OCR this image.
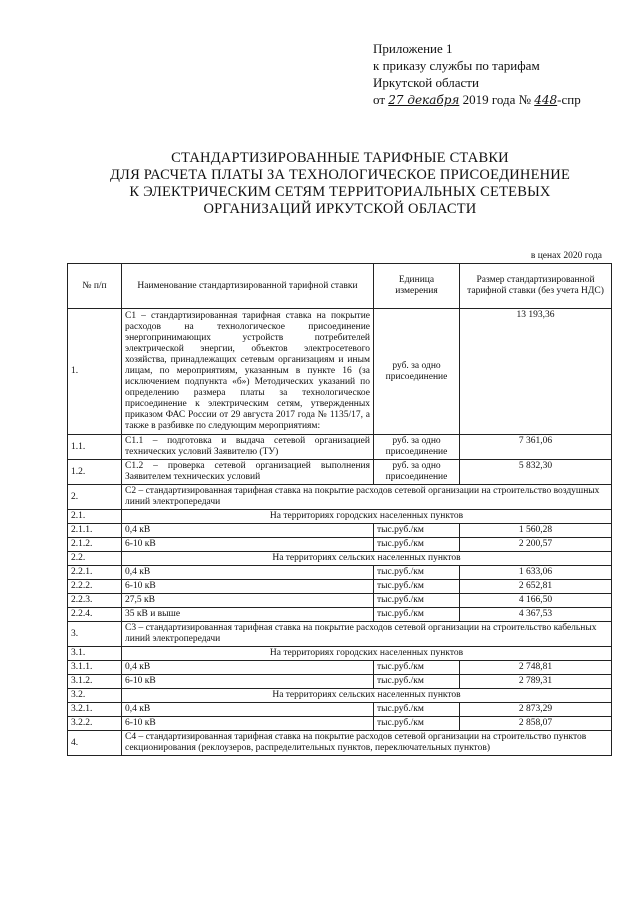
Приложение 1
к приказу службы по тарифам
Иркутской области
от 27 декабря 2019 года № 448-спр
СТАНДАРТИЗИРОВАННЫЕ ТАРИФНЫЕ СТАВКИ
ДЛЯ РАСЧЕТА ПЛАТЫ ЗА ТЕХНОЛОГИЧЕСКОЕ ПРИСОЕДИНЕНИЕ
К ЭЛЕКТРИЧЕСКИМ СЕТЯМ ТЕРРИТОРИАЛЬНЫХ СЕТЕВЫХ
ОРГАНИЗАЦИЙ ИРКУТСКОЙ ОБЛАСТИ
в ценах 2020 года
№ п/п	Наименование стандартизированной тарифной ставки	Единица измерения	Размер стандартизированной тарифной ставки (без учета НДС)
1.	С1 – стандартизированная тарифная ставка на покрытие расходов на технологическое присоединение энергопринимающих устройств потребителей электрической энергии, объектов электросетевого хозяйства, принадлежащих сетевым организациям и иным лицам, по мероприятиям, указанным в пункте 16 (за исключением подпункта «б») Методических указаний по определению размера платы за технологическое присоединение к электрическим сетям, утвержденных приказом ФАС России от 29 августа 2017 года № 1135/17, а также в разбивке по следующим мероприятиям:	руб. за одно присоединение	13 193,36
1.1.	С1.1 – подготовка и выдача сетевой организацией технических условий Заявителю (ТУ)	руб. за одно присоединение	7 361,06
1.2.	С1.2 – проверка сетевой организацией выполнения Заявителем технических условий	руб. за одно присоединение	5 832,30
2.	С2 – стандартизированная тарифная ставка на покрытие расходов сетевой организации на строительство воздушных линий электропередачи		
2.1.	На территориях городских населенных пунктов		
2.1.1.	0,4 кВ	тыс.руб./км	1 560,28
2.1.2.	6-10 кВ	тыс.руб./км	2 200,57
2.2.	На территориях сельских населенных пунктов		
2.2.1.	0,4 кВ	тыс.руб./км	1 633,06
2.2.2.	6-10 кВ	тыс.руб./км	2 652,81
2.2.3.	27,5 кВ	тыс.руб./км	4 166,50
2.2.4.	35 кВ и выше	тыс.руб./км	4 367,53
3.	С3 – стандартизированная тарифная ставка на покрытие расходов сетевой организации на строительство кабельных линий электропередачи		
3.1.	На территориях городских населенных пунктов		
3.1.1.	0,4 кВ	тыс.руб./км	2 748,81
3.1.2.	6-10 кВ	тыс.руб./км	2 789,31
3.2.	На территориях сельских населенных пунктов		
3.2.1.	0,4 кВ	тыс.руб./км	2 873,29
3.2.2.	6-10 кВ	тыс.руб./км	2 858,07
4.	С4 – стандартизированная тарифная ставка на покрытие расходов сетевой организации на строительство пунктов секционирования (реклоузеров, распределительных пунктов, переключательных пунктов)		
